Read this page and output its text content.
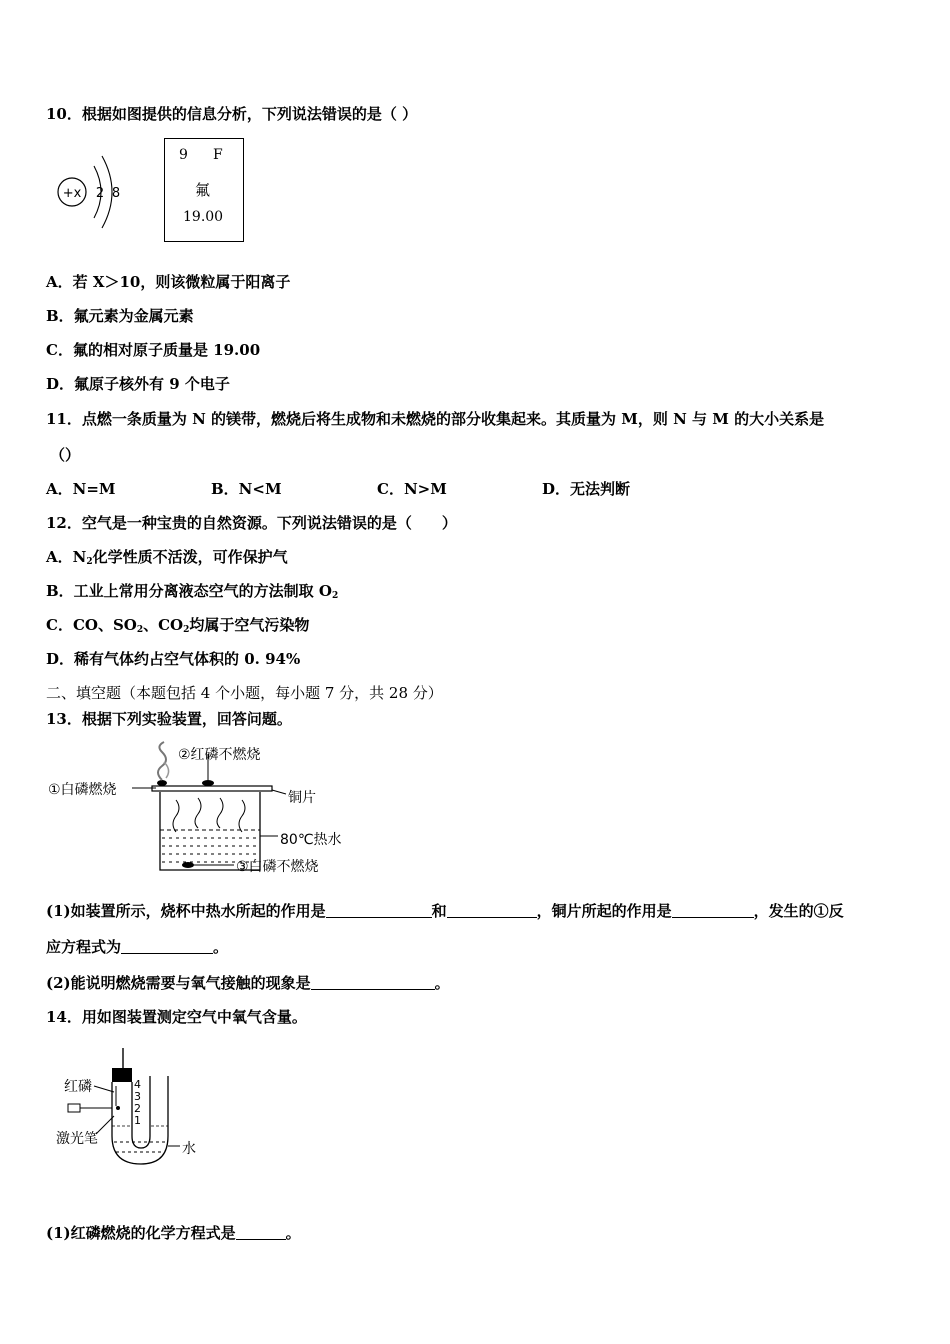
10．根据如图提供的信息分析，下列说法错误的是（ ）
+x 2 8
9 F
氟
19.00
A．若 X＞10，则该微粒属于阳离子
B．氟元素为金属元素
C．氟的相对原子质量是 19.00
D．氟原子核外有 9 个电子
11．点燃一条质量为 N 的镁带，燃烧后将生成物和未燃烧的部分收集起来。其质量为 M，则 N 与 M 的大小关系是
（）
A．N=M	B．N<M	C．N>M	D．无法判断
12．空气是一种宝贵的自然资源。下列说法错误的是（　　）
A．$N_2$化学性质不活泼，可作保护气
B．工业上常用分离液态空气的方法制取 $O_2$
C．CO、$SO_2$、$CO_2$均属于空气污染物
D．稀有气体约占空气体积的 0. 94%
二、填空题（本题包括 4 个小题，每小题 7 分，共 28 分）
13．根据下列实验装置，回答问题。
①白磷燃烧
②红磷不燃烧
铜片
80℃热水
③白磷不燃烧
(1)如装置所示，烧杯中热水所起的作用是	和	，铜片所起的作用是	，发生的①反
应方程式为	。
(2)能说明燃烧需要与氧气接触的现象是	。
14．用如图装置测定空气中氧气含量。
4
3
2
1
红磷
激光笔
水
(1)红磷燃烧的化学方程式是	。
